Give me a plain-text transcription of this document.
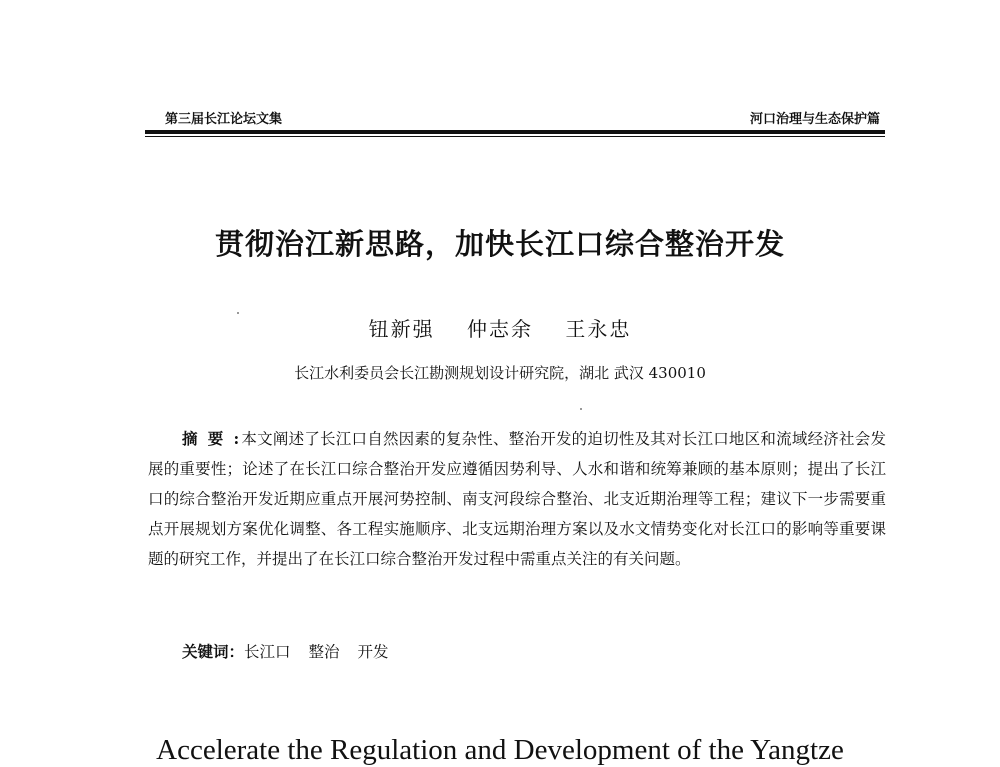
第三届长江论坛文集	河口治理与生态保护篇
贯彻治江新思路，加快长江口综合整治开发
钮新强 仲志余 王永忠
长江水利委员会长江勘测规划设计研究院，湖北 武汉 430010
摘要: 本文阐述了长江口自然因素的复杂性、整治开发的迫切性及其对长江口地区和流域经济社会发展的重要性；论述了在长江口综合整治开发应遵循因势利导、人水和谐和统筹兼顾的基本原则；提出了长江口的综合整治开发近期应重点开展河势控制、南支河段综合整治、北支近期治理等工程；建议下一步需要重点开展规划方案优化调整、各工程实施顺序、北支远期治理方案以及水文情势变化对长江口的影响等重要课题的研究工作，并提出了在长江口综合整治开发过程中需重点关注的有关问题。
关键词：长江口 整治 开发
Accelerate the Regulation and Development of the Yangtze
